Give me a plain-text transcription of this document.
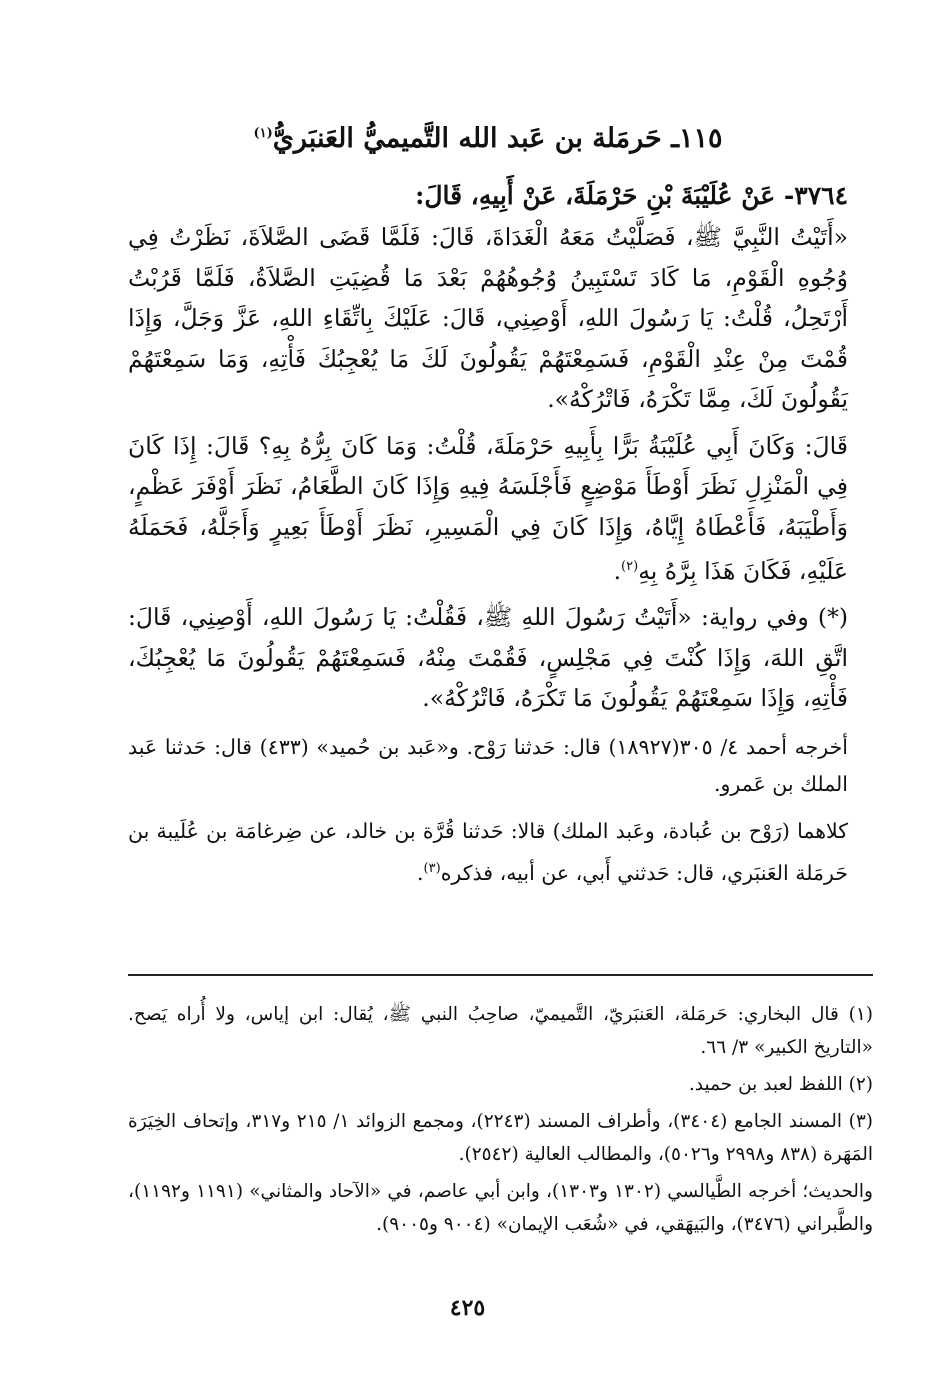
١١٥ـ حَرمَلة بن عَبد الله التَّميميُّ العَنبَريُّ$^{(١)}$
٣٧٦٤- عَنْ عُلَيْبَةَ بْنِ حَرْمَلَةَ، عَنْ أَبِيهِ، قَالَ:
«أَتَيْتُ النَّبِيَّ ﷺ، فَصَلَّيْتُ مَعَهُ الْغَدَاةَ، قَالَ: فَلَمَّا قَضَى الصَّلاَةَ، نَظَرْتُ فِي وُجُوهِ الْقَوْمِ، مَا كَادَ تَسْتَبِينُ وُجُوهُهُمْ بَعْدَ مَا قُضِيَتِ الصَّلاَةُ، فَلَمَّا قَرُبْتُ أَرْتَحِلُ، قُلْتُ: يَا رَسُولَ اللهِ، أَوْصِنِي، قَالَ: عَلَيْكَ بِاتِّقَاءِ اللهِ، عَزَّ وَجَلَّ، وَإِذَا قُمْتَ مِنْ عِنْدِ الْقَوْمِ، فَسَمِعْتَهُمْ يَقُولُونَ لَكَ مَا يُعْجِبُكَ فَأْتِهِ، وَمَا سَمِعْتَهُمْ يَقُولُونَ لَكَ، مِمَّا تَكْرَهُ، فَاتْرُكْهُ».
قَالَ: وَكَانَ أَبِي عُلَيْبَةُ بَرًّا بِأَبِيهِ حَرْمَلَةَ، قُلْتُ: وَمَا كَانَ بِرُّهُ بِهِ؟ قَالَ: إِذَا كَانَ فِي الْمَنْزِلِ نَظَرَ أَوْطَأَ مَوْضِعٍ فَأَجْلَسَهُ فِيهِ وَإِذَا كَانَ الطَّعَامُ، نَظَرَ أَوْفَرَ عَظْمٍ، وَأَطْيَبَهُ، فَأَعْطَاهُ إِيَّاهُ، وَإِذَا كَانَ فِي الْمَسِيرِ، نَظَرَ أَوْطَأَ بَعِيرٍ وَأَجَلَّهُ، فَحَمَلَهُ عَلَيْهِ، فَكَانَ هَذَا بِرَّهُ بِهِ$^{(٢)}$.
(*) وفي رواية: «أَتَيْتُ رَسُولَ اللهِ ﷺ، فَقُلْتُ: يَا رَسُولَ اللهِ، أَوْصِنِي، قَالَ: اتَّقِ اللهَ، وَإِذَا كُنْتَ فِي مَجْلِسٍ، فَقُمْتَ مِنْهُ، فَسَمِعْتَهُمْ يَقُولُونَ مَا يُعْجِبُكَ، فَأْتِهِ، وَإِذَا سَمِعْتَهُمْ يَقُولُونَ مَا تَكْرَهُ، فَاتْرُكْهُ».
أخرجه أحمد ٤/ ٣٠٥(١٨٩٢٧) قال: حَدثنا رَوْح. و«عَبد بن حُميد» (٤٣٣) قال: حَدثنا عَبد الملك بن عَمرو.
كلاهما (رَوْح بن عُبادة، وعَبد الملك) قالا: حَدثنا قُرَّة بن خالد، عن ضِرغامَة بن عُلَيبة بن حَرمَلة العَنبَري، قال: حَدثني أَبي، عن أبيه، فذكره$^{(٣)}$.
(١) قال البخاري: حَرمَلة، العَنبَريّ، التَّميميّ، صاحِبُ النبي ﷺ، يُقال: ابن إياس، ولا أُراه يَصح. «التاريخ الكبير» ٣/ ٦٦.
(٢) اللفظ لعبد بن حميد.
(٣) المسند الجامع (٣٤٠٤)، وأطراف المسند (٢٢٤٣)، ومجمع الزوائد ١/ ٢١٥ و٣١٧، وإتحاف الخِيَرَة المَهَرة (٨٣٨ و٢٩٩٨ و٥٠٢٦)، والمطالب العالية (٢٥٤٢).
والحديث؛ أخرجه الطَّيالسي (١٣٠٢ و١٣٠٣)، وابن أبي عاصم، في «الآحاد والمثاني» (١١٩١ و١١٩٢)، والطَّبراني (٣٤٧٦)، والبَيهَقي، في «شُعَب الإيمان» (٩٠٠٤ و٩٠٠٥).
٤٢٥
